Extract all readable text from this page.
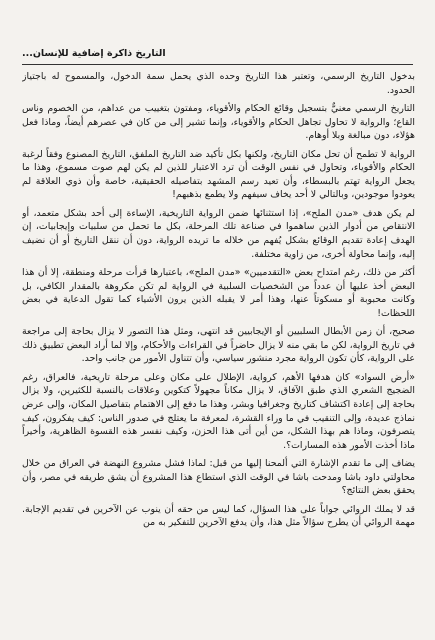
التاريخ ذاكرة إضافية للإنسان...

بدخول التاريخ الرسمي، وتعتبر هذا التاريخ وحده الذي يحمل سمة الدخول، والمسموح له باجتياز الحدود.

التاريخ الرسمي معنيٌّ بتسجيل وقائع الحكام والأقوياء، ومفتون بتغييب من عداهم، من الخصوم وناس القاع؛ والرواية لا تحاول تجاهل الحكام والأقوياء، وإنما تشير إلى من كان في عصرهم أيضاً، وماذا فعل هؤلاء، دون مبالغة وبلا أوهام.

الرواية لا تطمح أن تحل مكان التاريخ، ولكنها بكل تأكيد ضد التاريخ الملفق، التاريخ المصنوع وفقاً لرغبة الحكام والأقوياء، وتحاول في نفس الوقت أن ترد الاعتبار للذين لم يكن لهم صوت مسموع، وهذا ما يجعل الرواية تهتم بالبسطاء، وأن تعيد رسم المشهد بتفاصيله الحقيقية، خاصة وأن ذوي العلاقة لم يعودوا موجودين، وبالتالي لا أحد يخاف سيفهم ولا يطمع بذهبهم!

لم يكن هدف «مدن الملح»، إذا استثنائها ضمن الرواية التاريخية، الإساءة إلى أحد بشكل متعمد، أو الانتقاص من أدوار الذين ساهموا في صناعة تلك المرحلة، بكل ما تحمل من سلبيات وإيجابيات، إن الهدف إعادة تقديم الوقائع بشكل يُفهم من خلاله ما تريده الرواية، دون أن ننقل التاريخ أو أن نضيف إليه، وإنما محاولة أخرى، من زاوية مختلفة.

أكثر من ذلك، رغم امتداح بعض «التقدميين» «مدن الملح»، باعتبارها قرأت مرحلة ومنطقة، إلا أن هذا البعض أخذ عليها أن عدداً من الشخصيات السلبية في الرواية لم تكن مكروهة بالمقدار الكافي، بل وكانت محبوبة أو مسكوتاً عنها، وهذا أمر لا يقبله الذين يرون الأشياء كما تقول الدعاية في بعض اللحظات!

صحيح، أن زمن الأبطال السلبيين أو الإيجابيين قد انتهى، ومثل هذا التصور لا يزال بحاجة إلى مراجعة في تاريخ الرواية، لكن ما بقي منه لا يزال حاضراً في القراءات والأحكام، وإلا لما أراد البعض تطبيق ذلك على الرواية، كأن تكون الرواية مجرد منشور سياسي، وأن تتناول الأمور من جانب واحد.

«أرض السواد» كان هدفها الأهم، كرواية، الإطلال على مكان وعلى مرحلة تاريخية، فالعراق، رغم الضجيج الشعري الذي طبق الآفاق، لا يزال مكاناً مجهولاً كتكوين وعلاقات بالنسبة للكثيرين، ولا يزال بحاجة إلى إعادة اكتشاف كتاريخ وجغرافيا وبشر، وهذا ما دفع إلى الاهتمام بتفاصيل المكان، وإلى عرض نماذج عديدة، وإلى التنقيب في ما وراء القشرة، لمعرفة ما يعتلج في صدور الناس: كيف يفكرون، كيف يتصرفون، وماذا هم بهذا الشكل، من أين أتى هذا الحزن، وكيف نفسر هذه القسوة الظاهرية، وأخيراً ماذا أخذت الأمور هذه المسارات؟.

يضاف إلى ما تقدم الإشارة التي ألمحنا إليها من قبل: لماذا فشل مشروع النهضة في العراق من خلال محاولتي داود باشا ومدحت باشا في الوقت الذي استطاع هذا المشروع أن يشق طريقه في مصر، وأن يحقق بعض النتائج؟

قد لا يملك الروائي جواباً على هذا السؤال، كما ليس من حقه أن ينوب عن الآخرين في تقديم الإجابة. مهمة الروائي أن يطرح سؤالاً مثل هذا، وأن يدفع الآخرين للتفكير به من
